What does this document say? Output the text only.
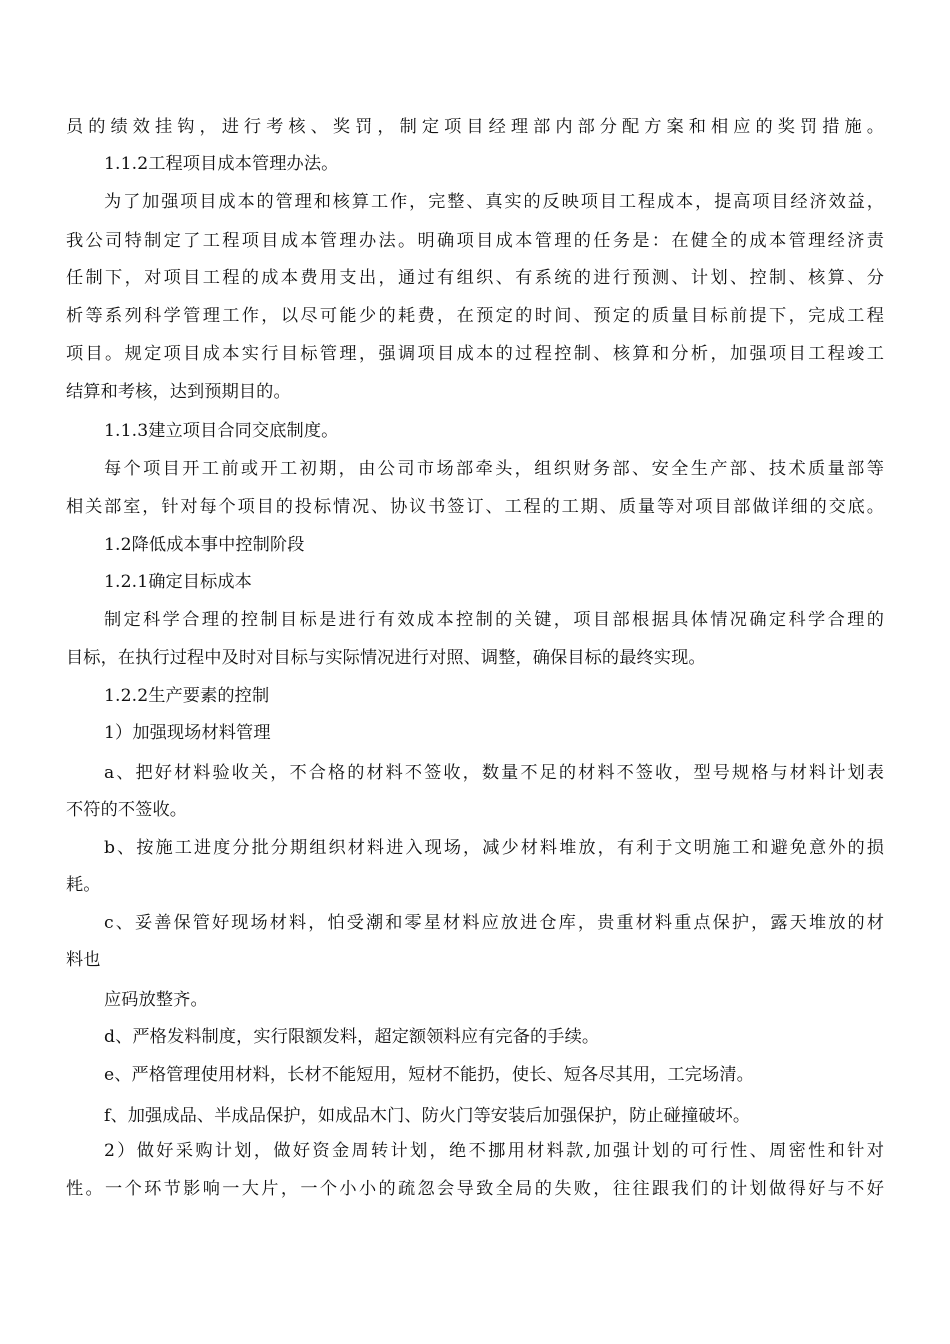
员的绩效挂钩，进行考核、奖罚，制定项目经理部内部分配方案和相应的奖罚措施。
1.1.2工程项目成本管理办法。
为了加强项目成本的管理和核算工作，完整、真实的反映项目工程成本，提高项目经济效益，
我公司特制定了工程项目成本管理办法。明确项目成本管理的任务是：在健全的成本管理经济责
任制下，对项目工程的成本费用支出，通过有组织、有系统的进行预测、计划、控制、核算、分
析等系列科学管理工作，以尽可能少的耗费，在预定的时间、预定的质量目标前提下，完成工程
项目。规定项目成本实行目标管理，强调项目成本的过程控制、核算和分析，加强项目工程竣工
结算和考核，达到预期目的。
1.1.3建立项目合同交底制度。
每个项目开工前或开工初期，由公司市场部牵头，组织财务部、安全生产部、技术质量部等
相关部室，针对每个项目的投标情况、协议书签订、工程的工期、质量等对项目部做详细的交底。
1.2降低成本事中控制阶段
1.2.1确定目标成本
制定科学合理的控制目标是进行有效成本控制的关键，项目部根据具体情况确定科学合理的
目标，在执行过程中及时对目标与实际情况进行对照、调整，确保目标的最终实现。
1.2.2生产要素的控制
1）加强现场材料管理
a、把好材料验收关，不合格的材料不签收，数量不足的材料不签收，型号规格与材料计划表
不符的不签收。
b、按施工进度分批分期组织材料进入现场，减少材料堆放，有利于文明施工和避免意外的损
耗。
c、妥善保管好现场材料，怕受潮和零星材料应放进仓库，贵重材料重点保护，露天堆放的材
料也
应码放整齐。
d、严格发料制度，实行限额发料，超定额领料应有完备的手续。
e、严格管理使用材料，长材不能短用，短材不能扔，使长、短各尽其用，工完场清。
f、加强成品、半成品保护，如成品木门、防火门等安装后加强保护，防止碰撞破坏。
2）做好采购计划，做好资金周转计划，绝不挪用材料款,加强计划的可行性、周密性和针对
性。一个环节影响一大片，一个小小的疏忽会导致全局的失败，往往跟我们的计划做得好与不好
